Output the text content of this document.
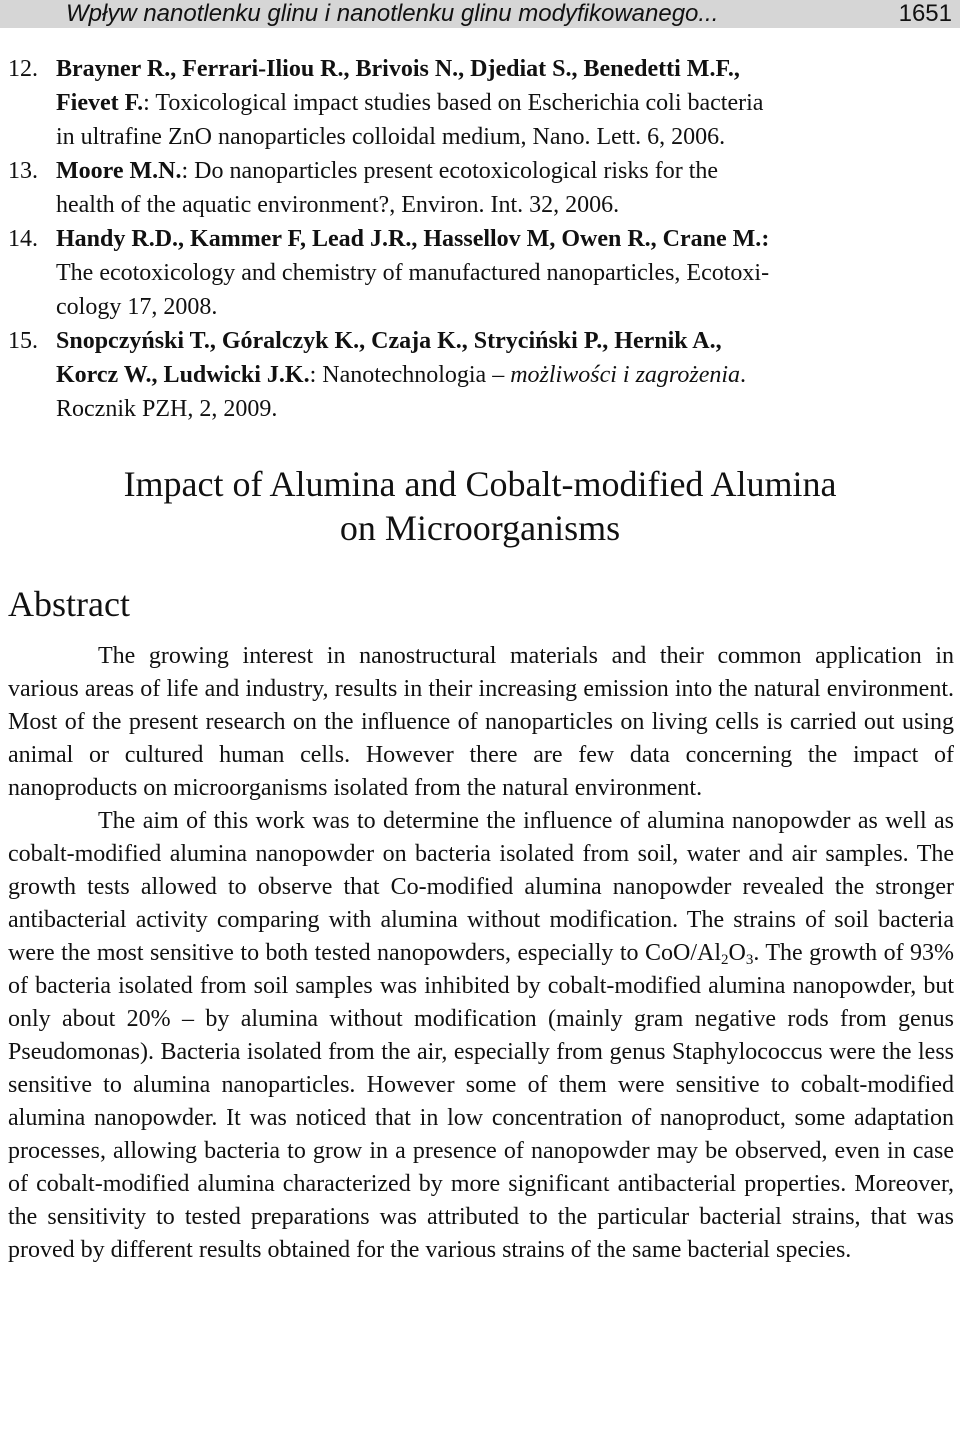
Wpływ nanotlenku glinu i nanotlenku glinu modyfikowanego...	1651
12. Brayner R., Ferrari-Iliou R., Brivois N., Djediat S., Benedetti M.F.,
Fievet F.: Toxicological impact studies based on Escherichia coli bacteria
in ultrafine ZnO nanoparticles colloidal medium, Nano. Lett. 6, 2006.
13. Moore M.N.: Do nanoparticles present ecotoxicological risks for the
health of the aquatic environment?, Environ. Int. 32, 2006.
14. Handy R.D., Kammer F, Lead J.R., Hassellov M, Owen R., Crane M.:
The ecotoxicology and chemistry of manufactured nanoparticles, Ecotoxi-
cology 17, 2008.
15. Snopczyński T., Góralczyk K., Czaja K., Stryciński P., Hernik A.,
Korcz W., Ludwicki J.K.: Nanotechnologia – możliwości i zagrożenia.
Rocznik PZH, 2, 2009.
Impact of Alumina and Cobalt-modified Alumina
on Microorganisms
Abstract

The growing interest in nanostructural materials and their common application in various areas of life and industry, results in their increasing emission into the natural environment. Most of the present research on the influence of nanoparticles on living cells is carried out using animal or cultured human cells. However there are few data concerning the impact of nanoproducts on microorganisms isolated from the natural environment.

The aim of this work was to determine the influence of alumina nanopowder as well as cobalt-modified alumina nanopowder on bacteria isolated from soil, water and air samples. The growth tests allowed to observe that Co-modified alumina nanopowder revealed the stronger antibacterial activity comparing with alumina without modification. The strains of soil bacteria were the most sensitive to both tested nanopowders, especially to CoO/$Al_2O_3$. The growth of 93% of bacteria isolated from soil samples was inhibited by cobalt-modified alumina nanopowder, but only about 20% – by alumina without modification (mainly gram negative rods from genus Pseudomonas). Bacteria isolated from the air, especially from genus Staphylococcus were the less sensitive to alumina nanoparticles. However some of them were sensitive to cobalt-modified alumina nanopowder. It was noticed that in low concentration of nanoproduct, some adaptation processes, allowing bacteria to grow in a presence of nanopowder may be observed, even in case of cobalt-modified alumina characterized by more significant antibacterial properties. Moreover, the sensitivity to tested preparations was attributed to the particular bacterial strains, that was proved by different results obtained for the various strains of the same bacterial species.
